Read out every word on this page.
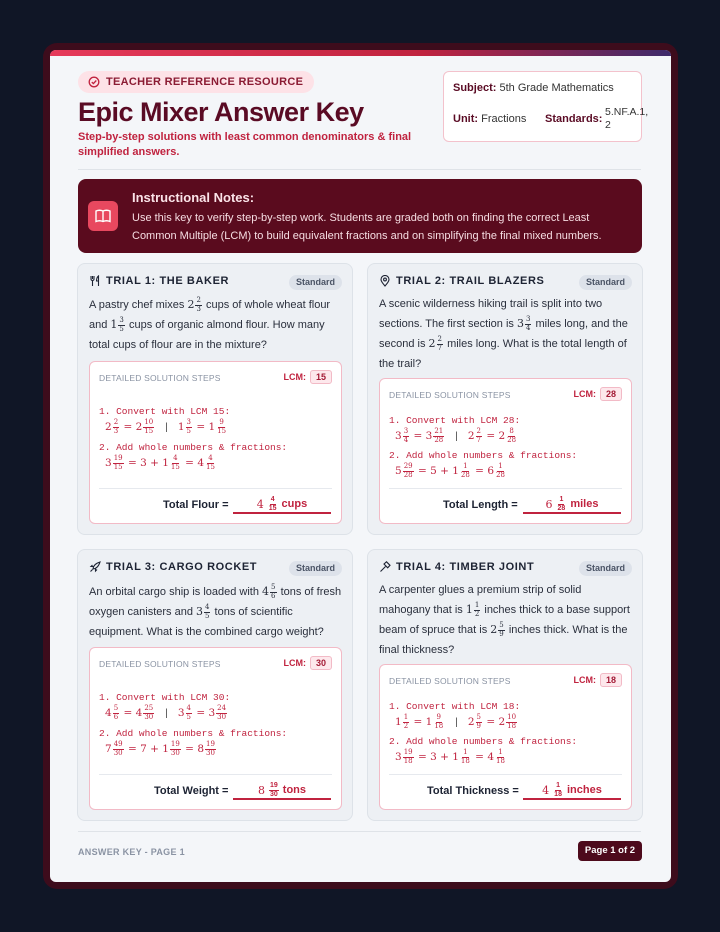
TEACHER REFERENCE RESOURCE
Epic Mixer Answer Key
Step-by-step solutions with least common denominators & final simplified answers.
Subject: 5th Grade Mathematics
Unit: Fractions Standards:
5.NF.A.1, 2
Instructional Notes:
Use this key to verify step-by-step work. Students are graded both on finding the correct Least Common Multiple (LCM) to build equivalent fractions and on simplifying the final mixed numbers.
TRIAL 1: THE BAKER	Standard
A pastry chef mixes $2 \frac{2}{3}$ cups of whole wheat flour and $1 \frac{3}{5}$ cups of organic almond flour. How many total cups of flour are in the mixture?
DETAILED SOLUTION STEPS	LCM:	15
1. Convert with LCM 15:
$2 \frac{2}{3} = 2 \frac{10}{15}$ | $1 \frac{3}{5} = 1 \frac{9}{15}$
2. Add whole numbers & fractions:
$3 \frac{19}{15} = 3 + 1 \frac{4}{15} = 4 \frac{4}{15}$
Total Flour =	$4 \frac{4}{15}$ cups
TRIAL 2: TRAIL BLAZERS	Standard
A scenic wilderness hiking trail is split into two sections. The first section is $3 \frac{3}{4}$ miles long, and the second is $2 \frac{2}{7}$ miles long. What is the total length of the trail?
DETAILED SOLUTION STEPS	LCM:	28
1. Convert with LCM 28:
$3 \frac{3}{4} = 3 \frac{21}{28}$ | $2 \frac{2}{7} = 2 \frac{8}{28}$
2. Add whole numbers & fractions:
$5 \frac{29}{28} = 5 + 1 \frac{1}{28} = 6 \frac{1}{28}$
Total Length =	$6 \frac{1}{28}$ miles
TRIAL 3: CARGO ROCKET	Standard
An orbital cargo ship is loaded with $4 \frac{5}{6}$ tons of fresh oxygen canisters and $3 \frac{4}{5}$ tons of scientific equipment. What is the combined cargo weight?
DETAILED SOLUTION STEPS	LCM:	30
1. Convert with LCM 30:
$4 \frac{5}{6} = 4 \frac{25}{30}$ | $3 \frac{4}{5} = 3 \frac{24}{30}$
2. Add whole numbers & fractions:
$7 \frac{49}{30} = 7 + 1 \frac{19}{30} = 8 \frac{19}{30}$
Total Weight =	$8 \frac{19}{30}$ tons
TRIAL 4: TIMBER JOINT	Standard
A carpenter glues a premium strip of solid mahogany that is $1 \frac{1}{2}$ inches thick to a base support beam of spruce that is $2 \frac{5}{9}$ inches thick. What is the final thickness?
DETAILED SOLUTION STEPS	LCM:	18
1. Convert with LCM 18:
$1 \frac{1}{2} = 1 \frac{9}{18}$ | $2 \frac{5}{9} = 2 \frac{10}{18}$
2. Add whole numbers & fractions:
$3 \frac{19}{18} = 3 + 1 \frac{1}{18} = 4 \frac{1}{18}$
Total Thickness = $4 \frac{1}{18}$ inches
ANSWER KEY - PAGE 1	Page 1 of 2
